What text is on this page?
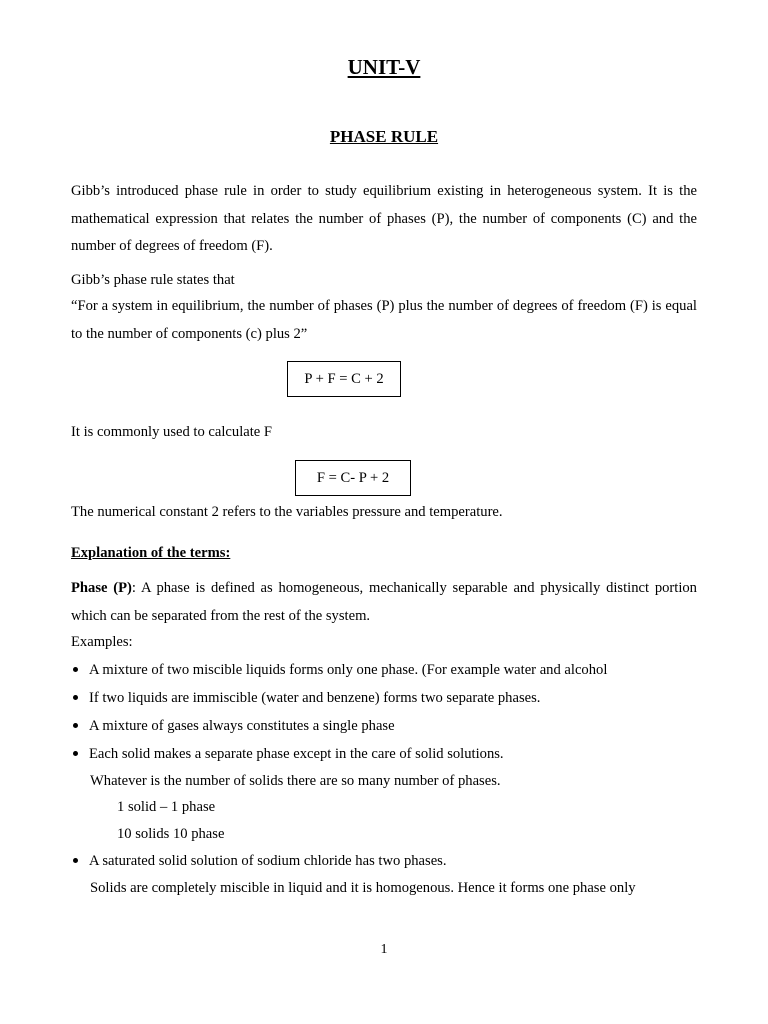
UNIT-V
PHASE RULE

Gibb’s introduced phase rule in order to study equilibrium existing in heterogeneous system. It is the mathematical expression that relates the number of phases (P), the number of components (C) and the number of degrees of freedom (F).

Gibb’s phase rule states that

“For a system in equilibrium, the number of phases (P) plus the number of degrees of freedom (F) is equal to the number of components (c) plus 2”

P + F = C + 2
It is commonly used to calculate F
F = C- P + 2
The numerical constant 2 refers to the variables pressure and temperature.
Explanation of the terms:

Phase (P): A phase is defined as homogeneous, mechanically separable and physically distinct portion which can be separated from the rest of the system.

Examples:
A mixture of two miscible liquids forms only one phase. (For example water and alcohol
If two liquids are immiscible (water and benzene) forms two separate phases.
A mixture of gases always constitutes a single phase
Each solid makes a separate phase except in the care of solid solutions.
Whatever is the number of solids there are so many number of phases.
1 solid – 1 phase
10 solids 10 phase
A saturated solid solution of sodium chloride has two phases.
Solids are completely miscible in liquid and it is homogenous. Hence it forms one phase only
1
